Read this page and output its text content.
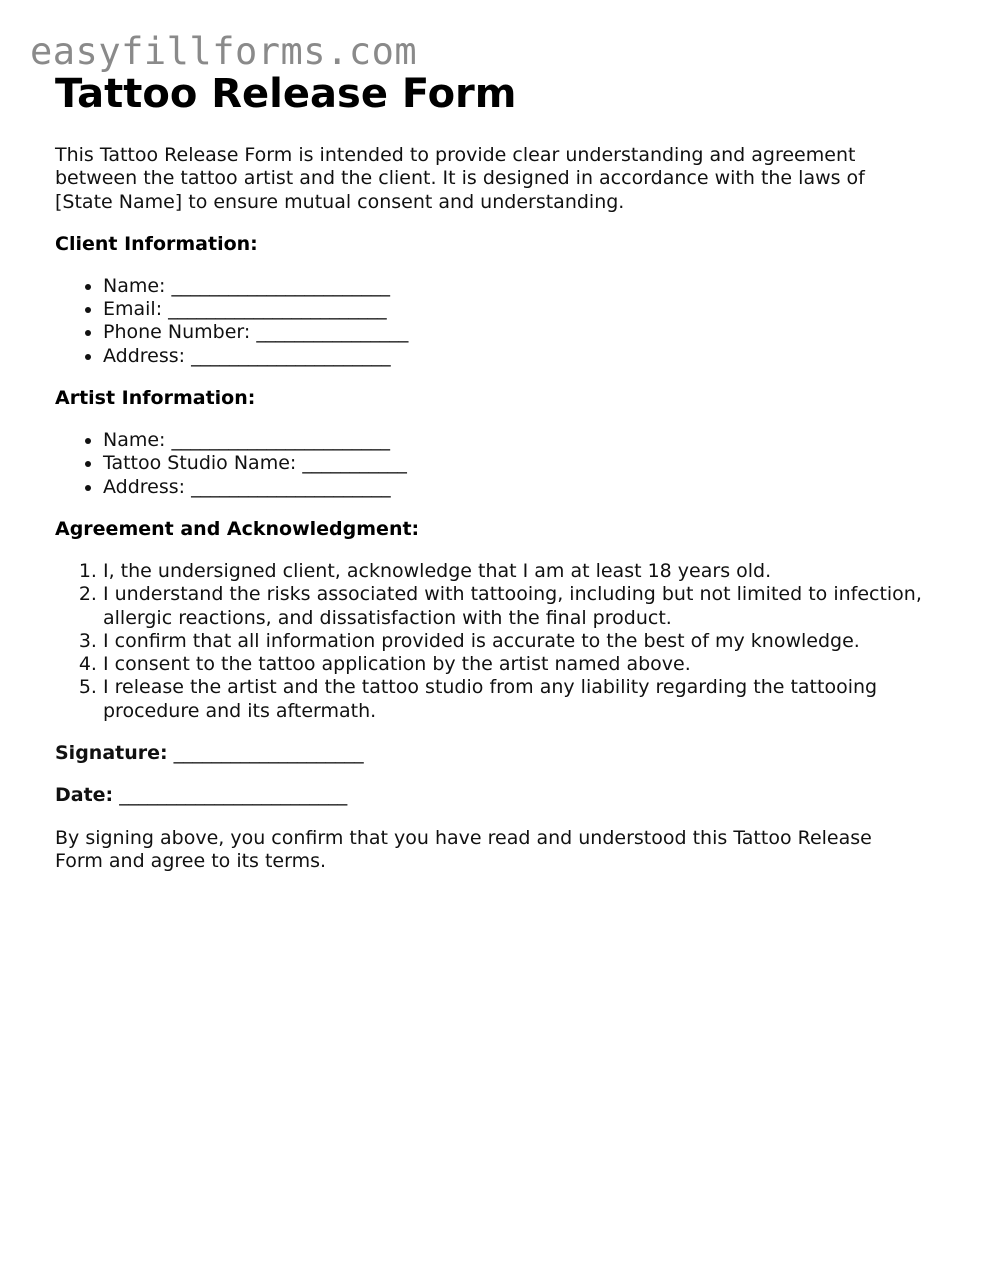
easyfillforms.com
Tattoo Release Form

This Tattoo Release Form is intended to provide clear understanding and agreement between the tattoo artist and the client. It is designed in accordance with the laws of [State Name] to ensure mutual consent and understanding.

Client Information:
• Name: _______________________
• Email: _______________________
• Phone Number: ________________
• Address: _____________________
Artist Information:
• Name: _______________________
• Tattoo Studio Name: ___________
• Address: _____________________
Agreement and Acknowledgment:
1. I, the undersigned client, acknowledge that I am at least 18 years old.
2. I understand the risks associated with tattooing, including but not limited to infection, allergic reactions, and dissatisfaction with the final product.
3. I confirm that all information provided is accurate to the best of my knowledge.
4. I consent to the tattoo application by the artist named above.
5. I release the artist and the tattoo studio from any liability regarding the tattooing procedure and its aftermath.

Signature: ____________________

Date: ________________________

By signing above, you confirm that you have read and understood this Tattoo Release Form and agree to its terms.
